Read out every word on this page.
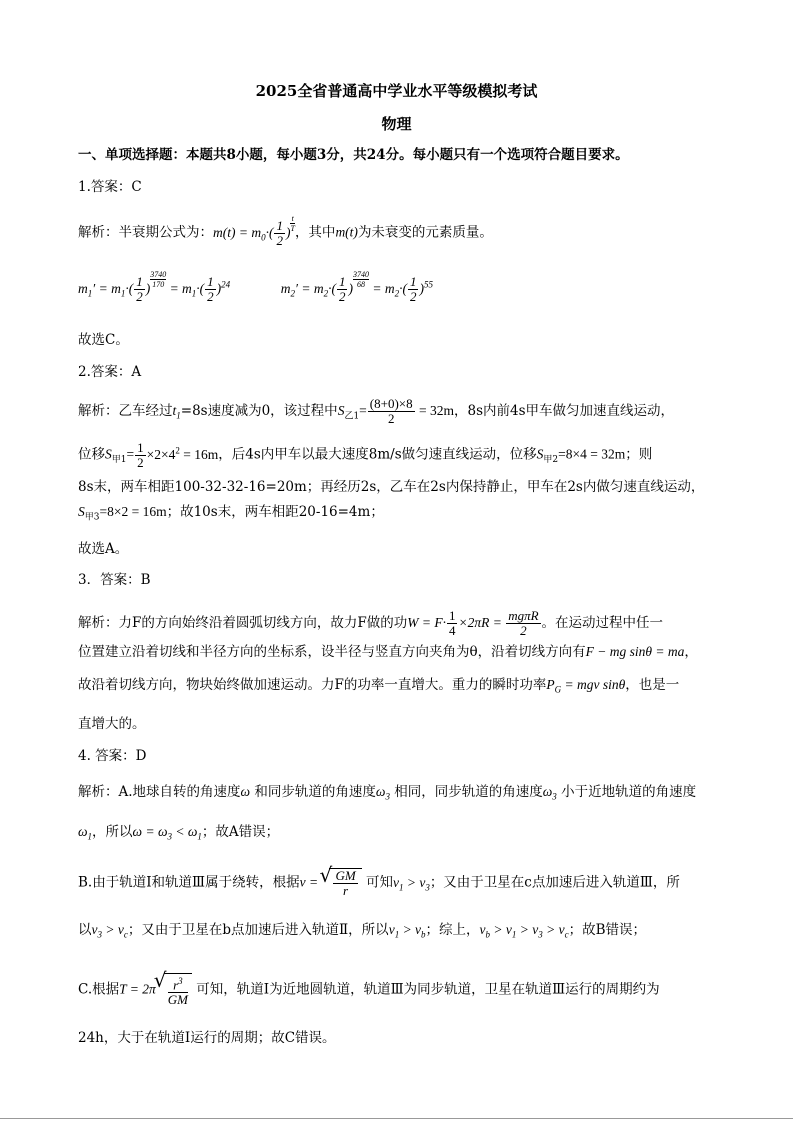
2025全省普通高中学业水平等级模拟考试
物理
一、单项选择题：本题共8小题，每小题3分，共24分。每小题只有一个选项符合题目要求。
1.答案：C
解析：半衰期公式为：$m(t) = m_0\cdot( \frac{1}{2}$ ) $\frac{t}{T}$ ，其中m(t)为未衰变的元素质量。
$m_1' = m_1\cdot( \frac{1}{2}$ ) $\frac{3740}{170} = m_1\cdot( \frac{1}{2} )^{24}$	$m_2' = m_2\cdot( \frac{1}{2}$ ) $\frac{3740}{68} = m_2\cdot( \frac{1}{2} )^{55}$
故选C。
2.答案：A
解析：乙车经过$t_1=8s$速度减为0，该过程中$S_{乙1}= \frac{(8+0)\times 8}{2} = 32m$，8s内前4s甲车做匀加速直线运动，
位移$S_{甲1}= \frac{1}{2} \times 2\times 4^2 = 16m$，后4s内甲车以最大速度8m/s做匀速直线运动，位移$S_{甲2}=8\times 4 = 32m$；则
8s末，两车相距100-32-32-16=20m；再经历2s，乙车在2s内保持静止，甲车在2s内做匀速直线运动，
$S_{甲3}=8\times 2 = 16m$；故10s末，两车相距20-16=4m；
故选A。
3．答案：B
解析：力F的方向始终沿着圆弧切线方向，故力F做的功$W = F\cdot \frac{1}{4} \times 2\pi R = \frac{\text{mgπR}}{2}$ 。在运动过程中任一
位置建立沿着切线和半径方向的坐标系，设半径与竖直方向夹角为θ，沿着切线方向有F − mg sinθ = ma，
故沿着切线方向，物块始终做加速运动。力F的功率一直增大。重力的瞬时功率$P_G$ = mgv sinθ，也是一
直增大的。
4. 答案：D
解析：A.地球自转的角速度ω 和同步轨道的角速度$\omega_3$ 相同，同步轨道的角速度$\omega_3$ 小于近地轨道的角速度
$\omega_1$，所以$\omega = \omega_3 < \omega_1$；故A错误；
B.由于轨道Ⅰ和轨道Ⅲ属于绕转，根据v = √ $\frac{GM}{r}$ 可知$v_1 > v_3$；又由于卫星在c点加速后进入轨道Ⅲ，所
以$v_3 > v_c$；又由于卫星在b点加速后进入轨道Ⅱ，所以$v_1 > v_b$；综上，$v_b > v_1 > v_3 > v_c$；故B错误；
C.根据T = 2π √ $\frac{r^3}{GM}$ 可知，轨道Ⅰ为近地圆轨道，轨道Ⅲ为同步轨道，卫星在轨道Ⅲ运行的周期约为
24h，大于在轨道Ⅰ运行的周期；故C错误。
